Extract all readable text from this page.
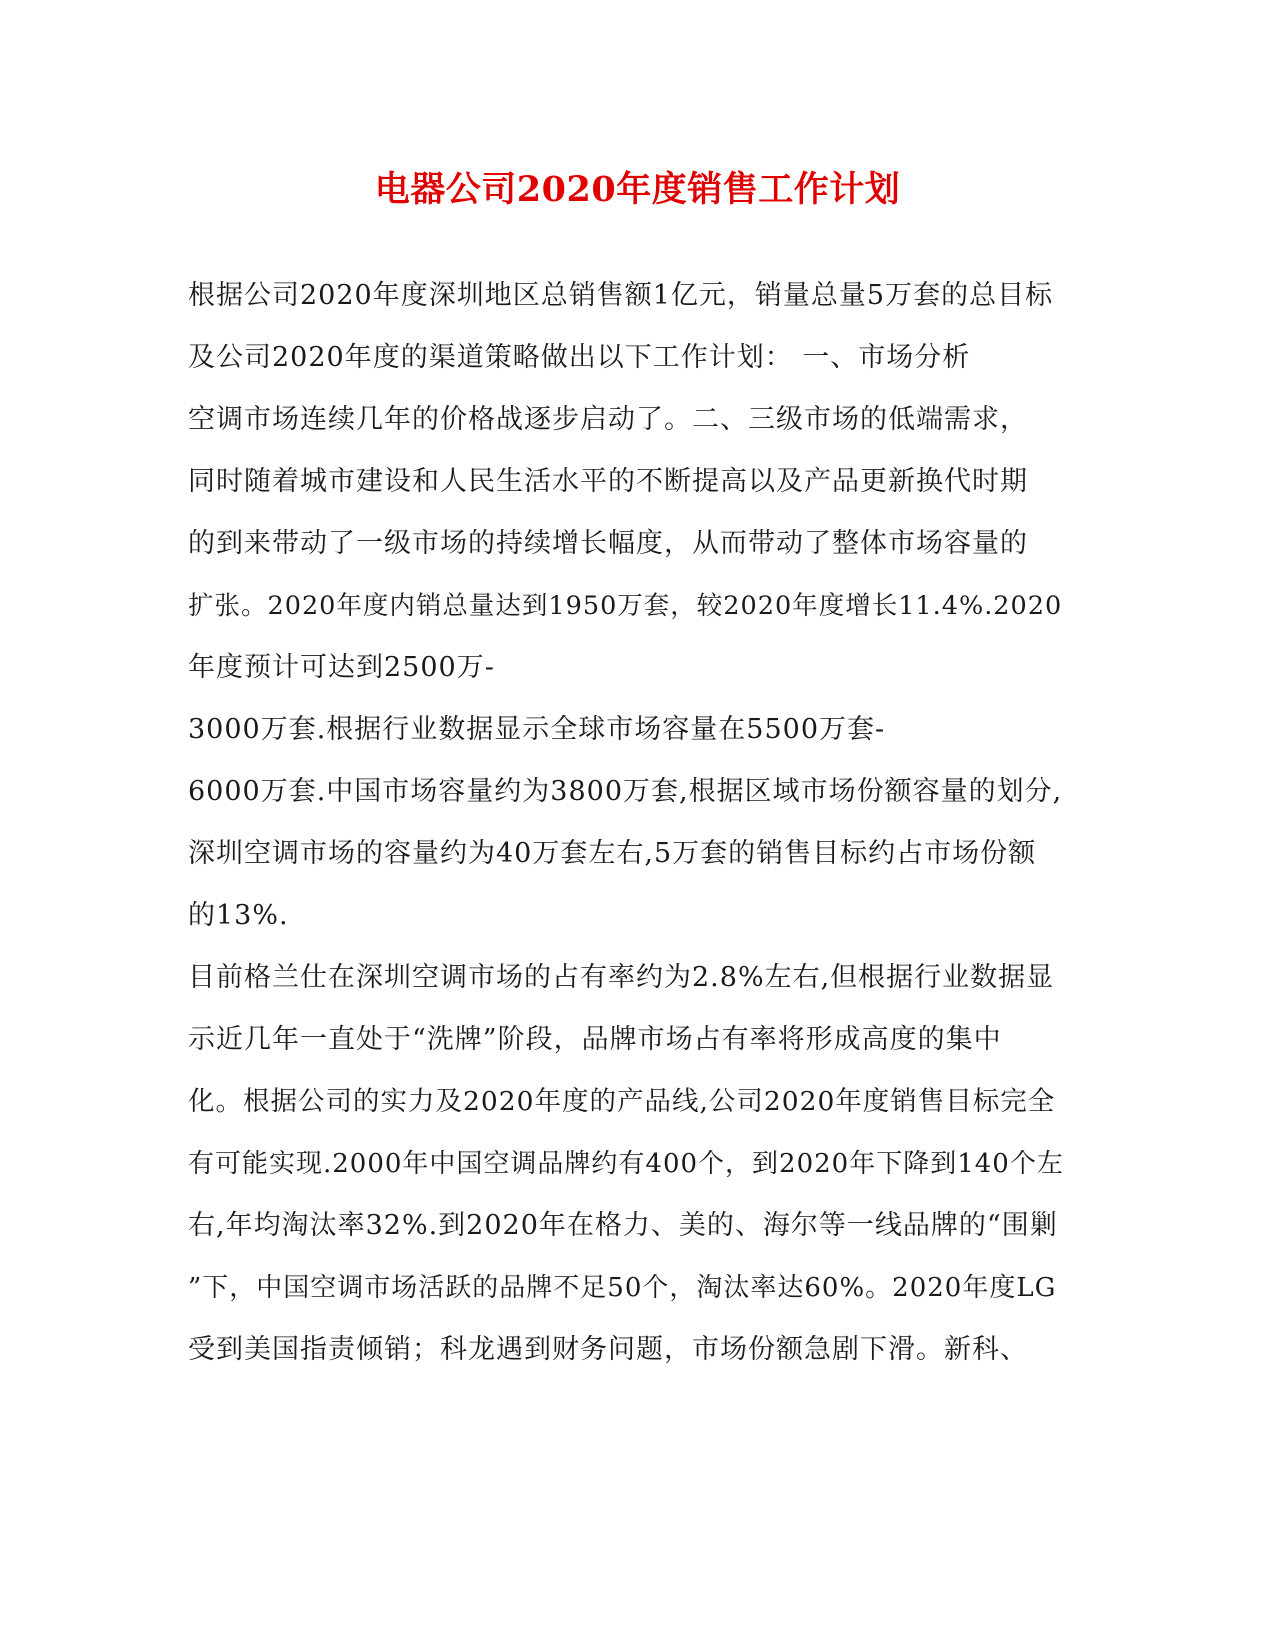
电器公司2020年度销售工作计划
根据公司2020年度深圳地区总销售额1亿元，销量总量5万套的总目标
及公司2020年度的渠道策略做出以下工作计划： 一、市场分析
空调市场连续几年的价格战逐步启动了。二、三级市场的低端需求，
同时随着城市建设和人民生活水平的不断提高以及产品更新换代时期
的到来带动了一级市场的持续增长幅度，从而带动了整体市场容量的
扩张。2020年度内销总量达到1950万套，较2020年度增长11.4%.2020
年度预计可达到2500万-
3000万套.根据行业数据显示全球市场容量在5500万套-
6000万套.中国市场容量约为3800万套,根据区域市场份额容量的划分,
深圳空调市场的容量约为40万套左右,5万套的销售目标约占市场份额
的13%.
目前格兰仕在深圳空调市场的占有率约为2.8%左右,但根据行业数据显
示近几年一直处于“洗牌”阶段，品牌市场占有率将形成高度的集中
化。根据公司的实力及2020年度的产品线,公司2020年度销售目标完全
有可能实现.2000年中国空调品牌约有400个，到2020年下降到140个左
右,年均淘汰率32%.到2020年在格力、美的、海尔等一线品牌的“围剿
”下，中国空调市场活跃的品牌不足50个，淘汰率达60%。2020年度LG
受到美国指责倾销；科龙遇到财务问题，市场份额急剧下滑。新科、
